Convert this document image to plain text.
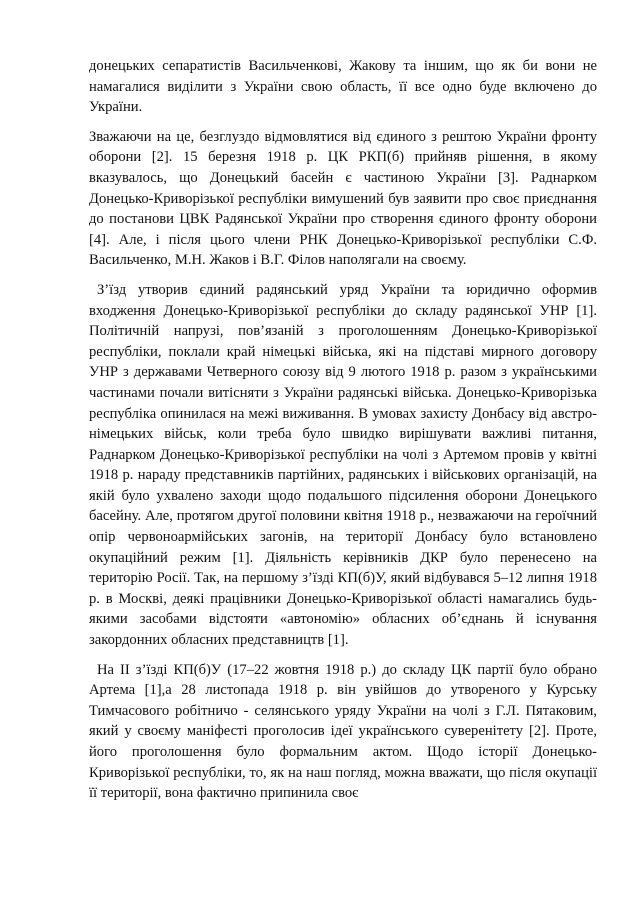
донецьких сепаратистів Васильченкові, Жакову та іншим, що як би вони не намагалися виділити з України свою область, її все одно буде включено до України.

Зважаючи на це, безглуздо відмовлятися від єдиного з рештою України фронту оборони [2]. 15 березня 1918 р. ЦК РКП(б) прийняв рішення, в якому вказувалось, що Донецький басейн є частиною України [3]. Раднарком Донецько-Криворізької республіки вимушений був заявити про своє приєднання до постанови ЦВК Радянської України про створення єдиного фронту оборони [4]. Але, і після цього члени РНК Донецько-Криворізької республіки С.Ф. Васильченко, М.Н. Жаков і В.Г. Філов наполягали на своєму.

З’їзд утворив єдиний радянський уряд України та юридично оформив входження Донецько-Криворізької республіки до складу радянської УНР [1]. Політичній напрузі, пов’язаній з проголошенням Донецько-Криворізької республіки, поклали край німецькі війська, які на підставі мирного договору УНР з державами Четверного союзу від 9 лютого 1918 р. разом з українськими частинами почали витісняти з України радянські війська. Донецько-Криворізька республіка опинилася на межі виживання. В умовах захисту Донбасу від австро-німецьких військ, коли треба було швидко вирішувати важливі питання, Раднарком Донецько-Криворізької республіки на чолі з Артемом провів у квітні 1918 р. нараду представників партійних, радянських і військових організацій, на якій було ухвалено заходи щодо подальшого підсилення оборони Донецького басейну. Але, протягом другої половини квітня 1918 р., незважаючи на героїчний опір червоноармійських загонів, на території Донбасу було встановлено окупаційний режим [1]. Діяльність керівників ДКР було перенесено на територію Росії. Так, на першому з’їзді КП(б)У, який відбувався 5–12 липня 1918 р. в Москві, деякі працівники Донецько-Криворізької області намагались будь-якими засобами відстояти «автономію» обласних об’єднань й існування закордонних обласних представництв [1].

На ІІ з’їзді КП(б)У (17–22 жовтня 1918 р.) до складу ЦК партії було обрано Артема [1],а 28 листопада 1918 р. він увійшов до утвореного у Курську Тимчасового робітничо - селянського уряду України на чолі з Г.Л. Пятаковим, який у своєму маніфесті проголосив ідеї українського суверенітету [2]. Проте, його проголошення було формальним актом. Щодо історії Донецько-Криворізької республіки, то, як на наш погляд, можна вважати, що після окупації її території, вона фактично припинила своє
